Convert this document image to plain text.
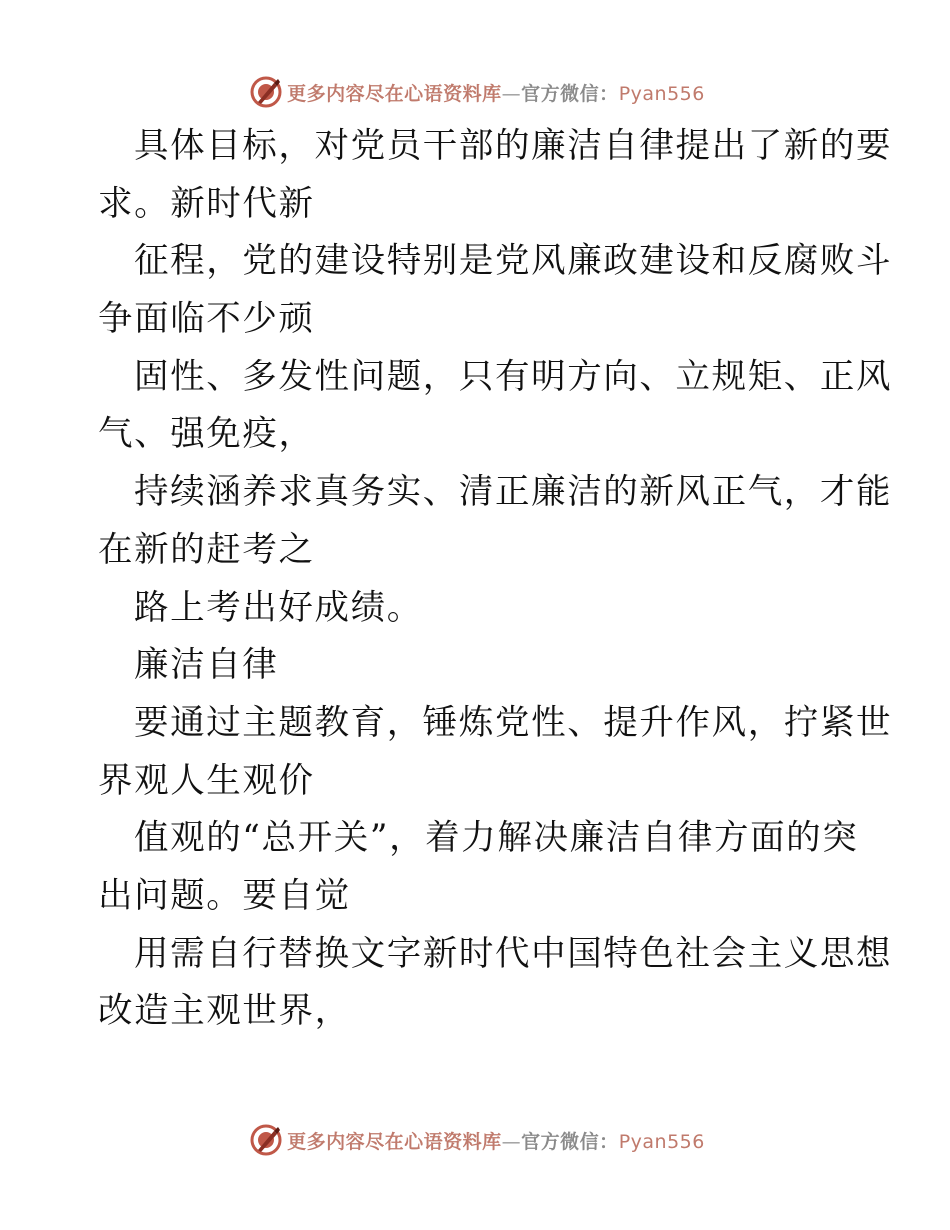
更多内容尽在心语资料库—官方微信：Pyan556
具体目标，对党员干部的廉洁自律提出了新的要
求。新时代新
征程，党的建设特别是党风廉政建设和反腐败斗
争面临不少顽
固性、多发性问题，只有明方向、立规矩、正风
气、强免疫，
持续涵养求真务实、清正廉洁的新风正气，才能
在新的赶考之
路上考出好成绩。
廉洁自律
要通过主题教育，锤炼党性、提升作风，拧紧世
界观人生观价
值观的“总开关”，着力解决廉洁自律方面的突
出问题。要自觉
用需自行替换文字新时代中国特色社会主义思想
改造主观世界，
更多内容尽在心语资料库—官方微信：Pyan556
